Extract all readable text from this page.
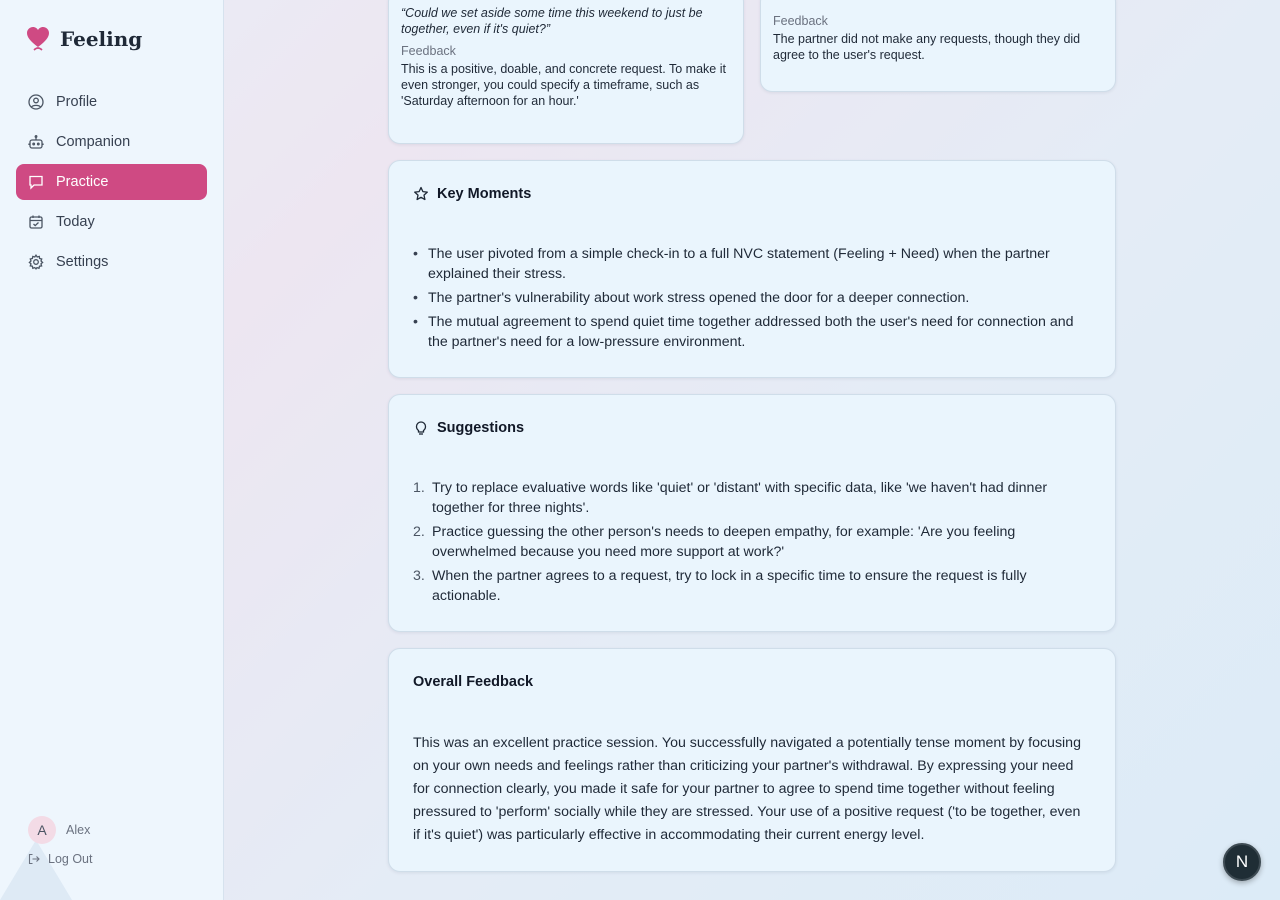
Feeling
Profile
Companion
Practice
Today
Settings
A	Alex
Log Out

“Could we set aside some time this weekend to just be together, even if it's quiet?”

Feedback

This is a positive, doable, and concrete request. To make it even stronger, you could specify a timeframe, such as 'Saturday afternoon for an hour.'

Feedback

The partner did not make any requests, though they did agree to the user's request.

Key Moments
• The user pivoted from a simple check-in to a full NVC statement (Feeling + Need) when the partner explained their stress.
• The partner's vulnerability about work stress opened the door for a deeper connection.
• The mutual agreement to spend quiet time together addressed both the user's need for connection and the partner's need for a low-pressure environment.
Suggestions
1. Try to replace evaluative words like 'quiet' or 'distant' with specific data, like 'we haven't had dinner together for three nights'.
2. Practice guessing the other person's needs to deepen empathy, for example: 'Are you feeling overwhelmed because you need more support at work?'
3. When the partner agrees to a request, try to lock in a specific time to ensure the request is fully actionable.
Overall Feedback

This was an excellent practice session. You successfully navigated a potentially tense moment by focusing on your own needs and feelings rather than criticizing your partner's withdrawal. By expressing your need for connection clearly, you made it safe for your partner to agree to spend time together without feeling pressured to 'perform' socially while they are stressed. Your use of a positive request ('to be together, even if it's quiet') was particularly effective in accommodating their current energy level.

N
